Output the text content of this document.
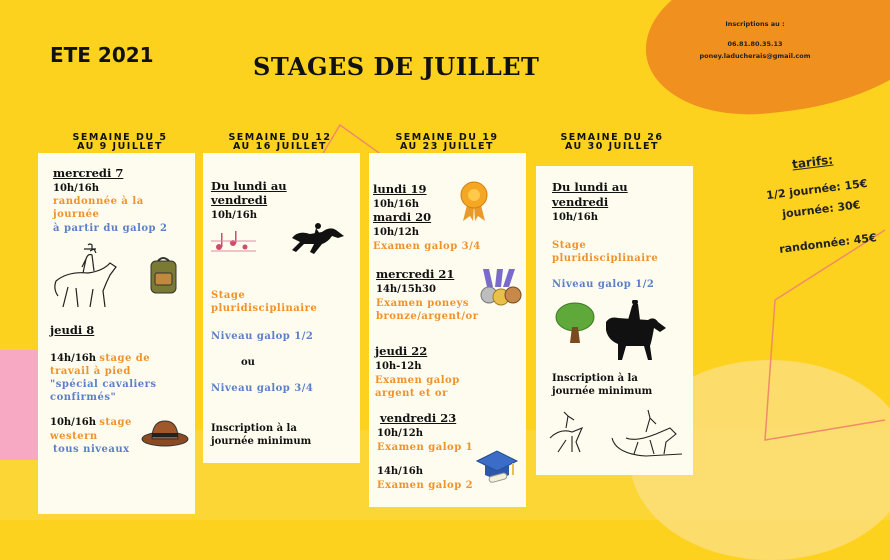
ETE 2021	STAGES DE JUILLET
Inscriptions au :
06.81.80.35.13
poney.laducherais@gmail.com
tarifs:
1/2 journée: 15€
journée: 30€
randonnée: 45€
SEMAINE DU 5
AU 9 JUILLET
SEMAINE DU 12
AU 16 JUILLET
SEMAINE DU 19
AU 23 JUILLET
SEMAINE DU 26
AU 30 JUILLET
mercredi 7
10h/16h
randonnée à la
journée
à partir du galop 2
jeudi 8
14h/16h stage de
travail à pied
"spécial cavaliers
confirmés"
10h/16h stage
western
tous niveaux
Du lundi au
vendredi
10h/16h
Stage
pluridisciplinaire
Niveau galop 1/2
ou
Niveau galop 3/4
Inscription à la
journée minimum
lundi 19
10h/16h
mardi 20
10h/12h
Examen galop 3/4
mercredi 21
14h/15h30
Examen poneys
bronze/argent/or
jeudi 22
10h-12h
Examen galop
argent et or
vendredi 23
10h/12h
Examen galop 1
14h/16h
Examen galop 2
Du lundi au
vendredi
10h/16h
Stage
pluridisciplinaire
Niveau galop 1/2
Inscription à la
journée minimum
